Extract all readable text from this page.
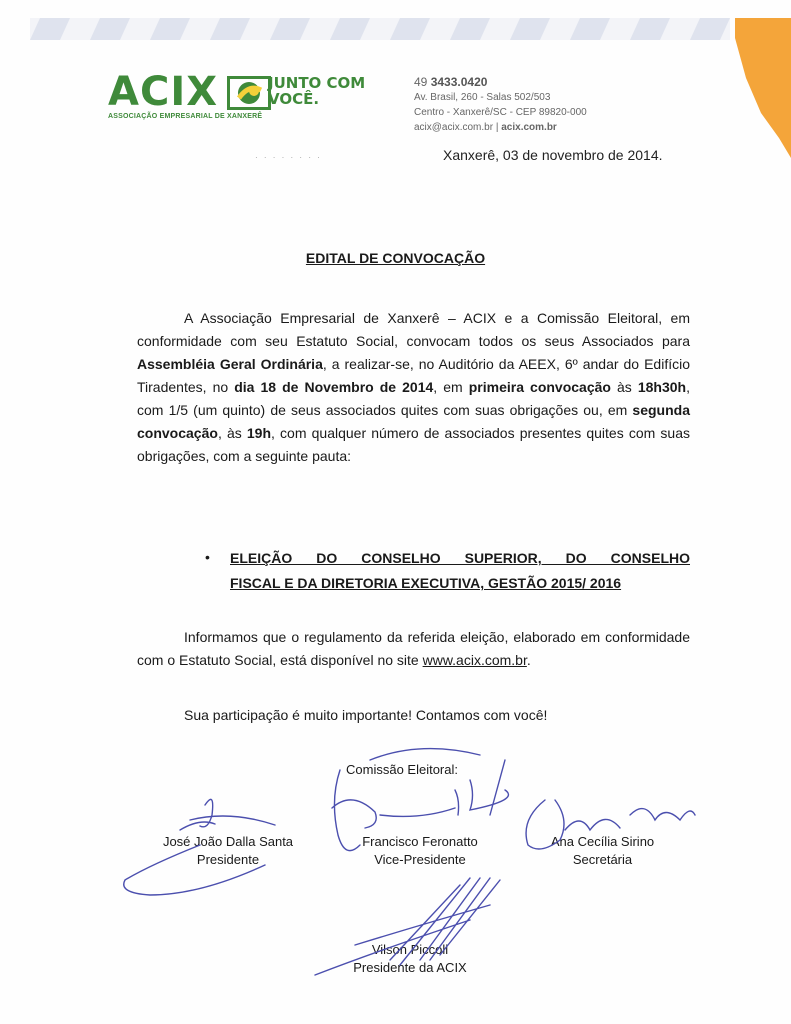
ACIX
ASSOCIAÇÃO EMPRESARIAL DE XANXERÊ
JUNTO COM
VOCÊ.
49 3433.0420
Av. Brasil, 260 - Salas 502/503
Centro - Xanxerê/SC - CEP 89820-000
acix@acix.com.br | acix.com.br
Xanxerê, 03 de novembro de 2014.
EDITAL DE CONVOCAÇÃO
A Associação Empresarial de Xanxerê – ACIX e a Comissão Eleitoral, em conformidade com seu Estatuto Social, convocam todos os seus Associados para Assembléia Geral Ordinária, a realizar-se, no Auditório da AEEX, 6º andar do Edifício Tiradentes, no dia 18 de Novembro de 2014, em primeira convocação às 18h30h, com 1/5 (um quinto) de seus associados quites com suas obrigações ou, em segunda convocação, às 19h, com qualquer número de associados presentes quites com suas obrigações, com a seguinte pauta:
• ELEIÇÃO DO CONSELHO SUPERIOR, DO CONSELHO
FISCAL E DA DIRETORIA EXECUTIVA, GESTÃO 2015/ 2016
Informamos que o regulamento da referida eleição, elaborado em conformidade com o Estatuto Social, está disponível no site www.acix.com.br.
Sua participação é muito importante! Contamos com você!
Comissão Eleitoral:
José João Dalla Santa
Presidente
Francisco Feronatto
Vice-Presidente
Ana Cecília Sirino
Secretária
Vilson Piccoli
Presidente da ACIX
· · · · · · · ·
